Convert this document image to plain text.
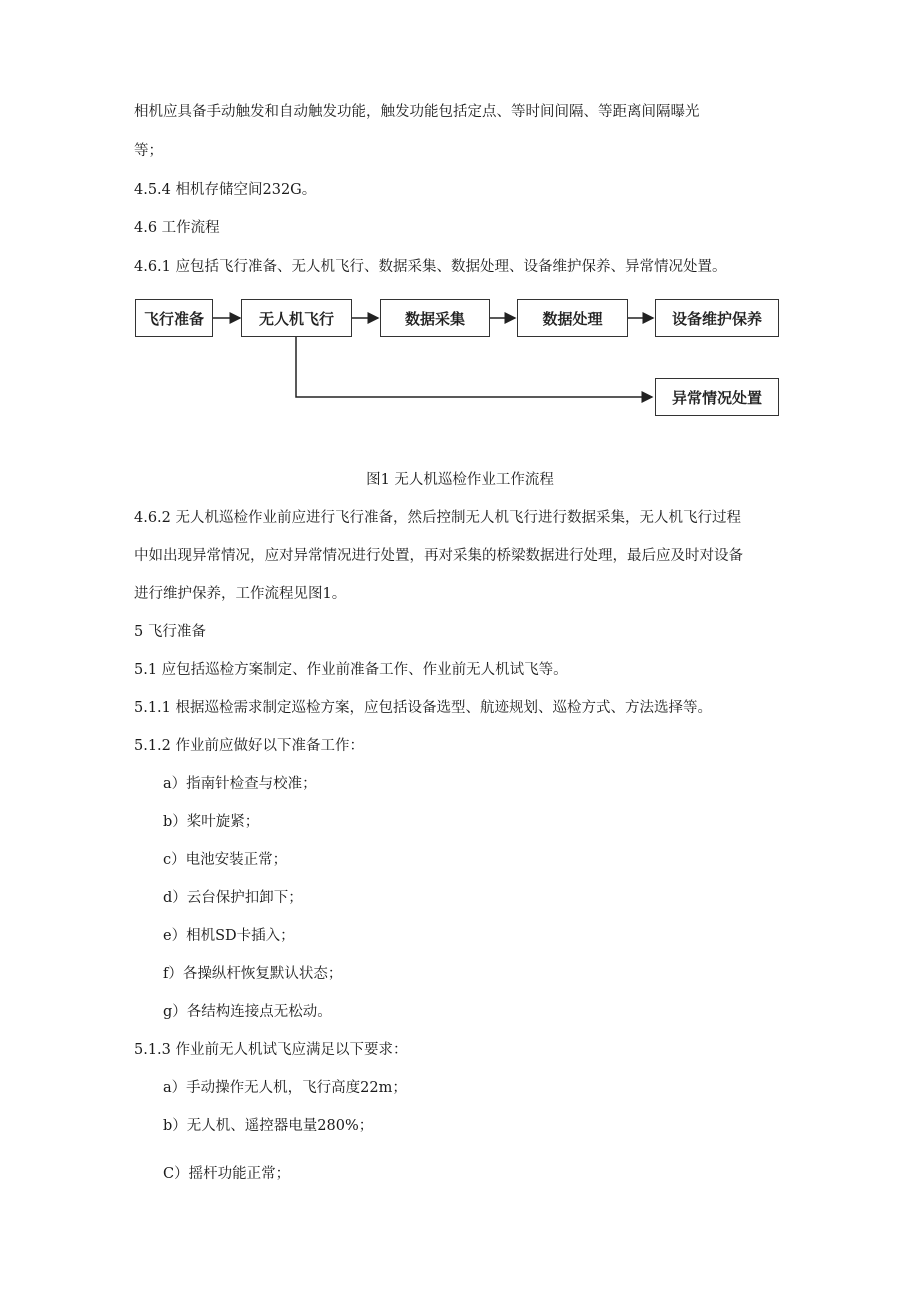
相机应具备手动触发和自动触发功能，触发功能包括定点、等时间间隔、等距离间隔曝光
等；
4.5.4 相机存储空间232G。
4.6 工作流程
4.6.1 应包括飞行准备、无人机飞行、数据采集、数据处理、设备维护保养、异常情况处置。
飞行准备	无人机飞行	数据采集	数据处理	设备维护保养
异常情况处置
图1 无人机巡检作业工作流程
4.6.2 无人机巡检作业前应进行飞行准备，然后控制无人机飞行进行数据采集，无人机飞行过程
中如出现异常情况，应对异常情况进行处置，再对采集的桥梁数据进行处理，最后应及时对设备
进行维护保养，工作流程见图1。
5 飞行准备
5.1 应包括巡检方案制定、作业前准备工作、作业前无人机试飞等。
5.1.1 根据巡检需求制定巡检方案，应包括设备选型、航迹规划、巡检方式、方法选择等。
5.1.2 作业前应做好以下准备工作：
a）指南针检查与校准；
b）桨叶旋紧；
c）电池安装正常；
d）云台保护扣卸下；
e）相机SD卡插入；
f）各操纵杆恢复默认状态；
g）各结构连接点无松动。
5.1.3 作业前无人机试飞应满足以下要求：
a）手动操作无人机，飞行高度22m；
b）无人机、遥控器电量280%；
C）摇杆功能正常；
